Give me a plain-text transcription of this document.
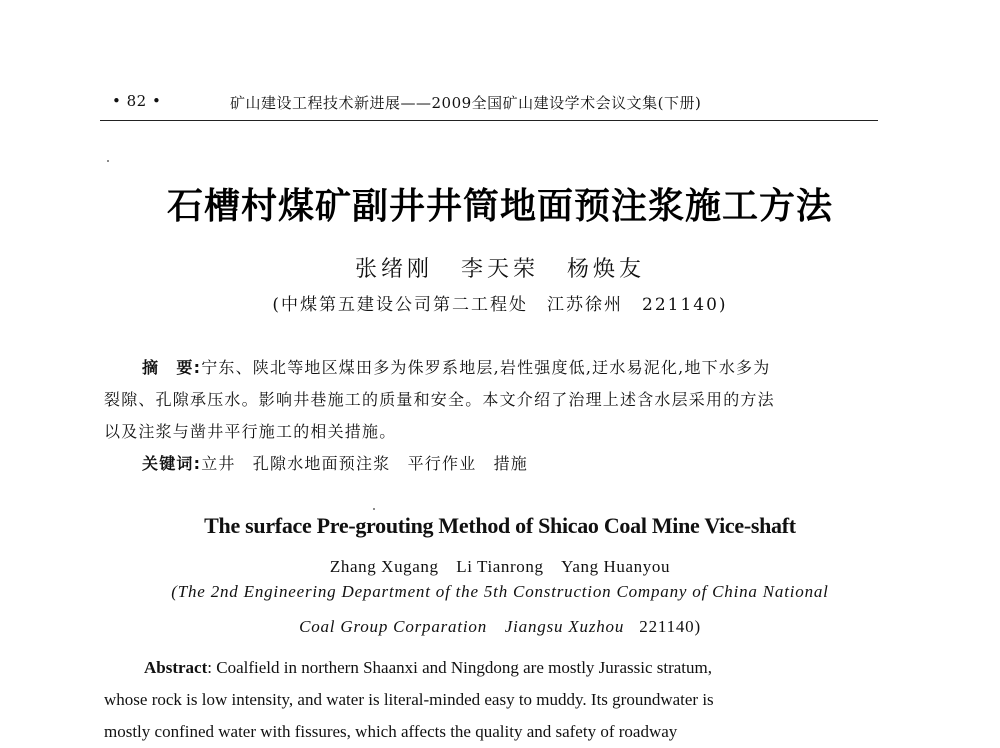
• 82 •	矿山建设工程技术新进展——2009全国矿山建设学术会议文集(下册)
石槽村煤矿副井井筒地面预注浆施工方法
张绪刚 李天荣 杨焕友
(中煤第五建设公司第二工程处　江苏徐州　221140)
摘　要:宁东、陕北等地区煤田多为侏罗系地层,岩性强度低,迂水易泥化,地下水多为
裂隙、孔隙承压水。影响井巷施工的质量和安全。本文介绍了治理上述含水层采用的方法
以及注浆与凿井平行施工的相关措施。
关键词:立井　孔隙水地面预注浆　平行作业　措施
The surface Pre-grouting Method of Shicao Coal Mine Vice-shaft
Zhang Xugang　Li Tianrong　Yang Huanyou
(The 2nd Engineering Department of the 5th Construction Company of China National
Coal Group Corparation　Jiangsu Xuzhou 221140)
Abstract: Coalfield in northern Shaanxi and Ningdong are mostly Jurassic stratum,
whose rock is low intensity, and water is literal-minded easy to muddy. Its groundwater is
mostly confined water with fissures, which affects the quality and safety of roadway
